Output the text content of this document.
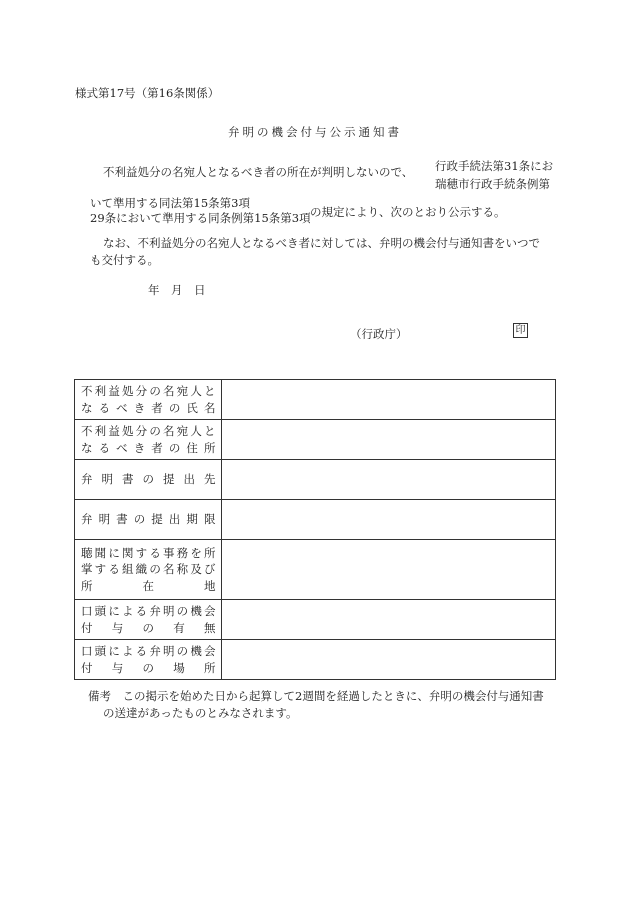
様式第17号（第16条関係）
弁明の機会付与公示通知書
不利益処分の名宛人となるべき者の所在が判明しないので、 行政手続法第31条にお
瑞穂市行政手続条例第
いて準用する同法第15条第3項
29条において準用する同条例第15条第3項 の規定により、次のとおり公示する。
なお、不利益処分の名宛人となるべき者に対しては、弁明の機会付与通知書をいつで
も交付する。
年　月　日
（行政庁）	印
不利益処分の名宛人と
なるべき者の氏名	

不利益処分の名宛人と
なるべき者の住所	

弁明書の提出先	

弁明書の提出期限	

聴聞に関する事務を所
掌する組織の名称及び
所在地	

口頭による弁明の機会
付与の有無	

口頭による弁明の機会
付与の場所	

備考　この掲示を始めた日から起算して2週間を経過したときに、弁明の機会付与通知書
の送達があったものとみなされます。
